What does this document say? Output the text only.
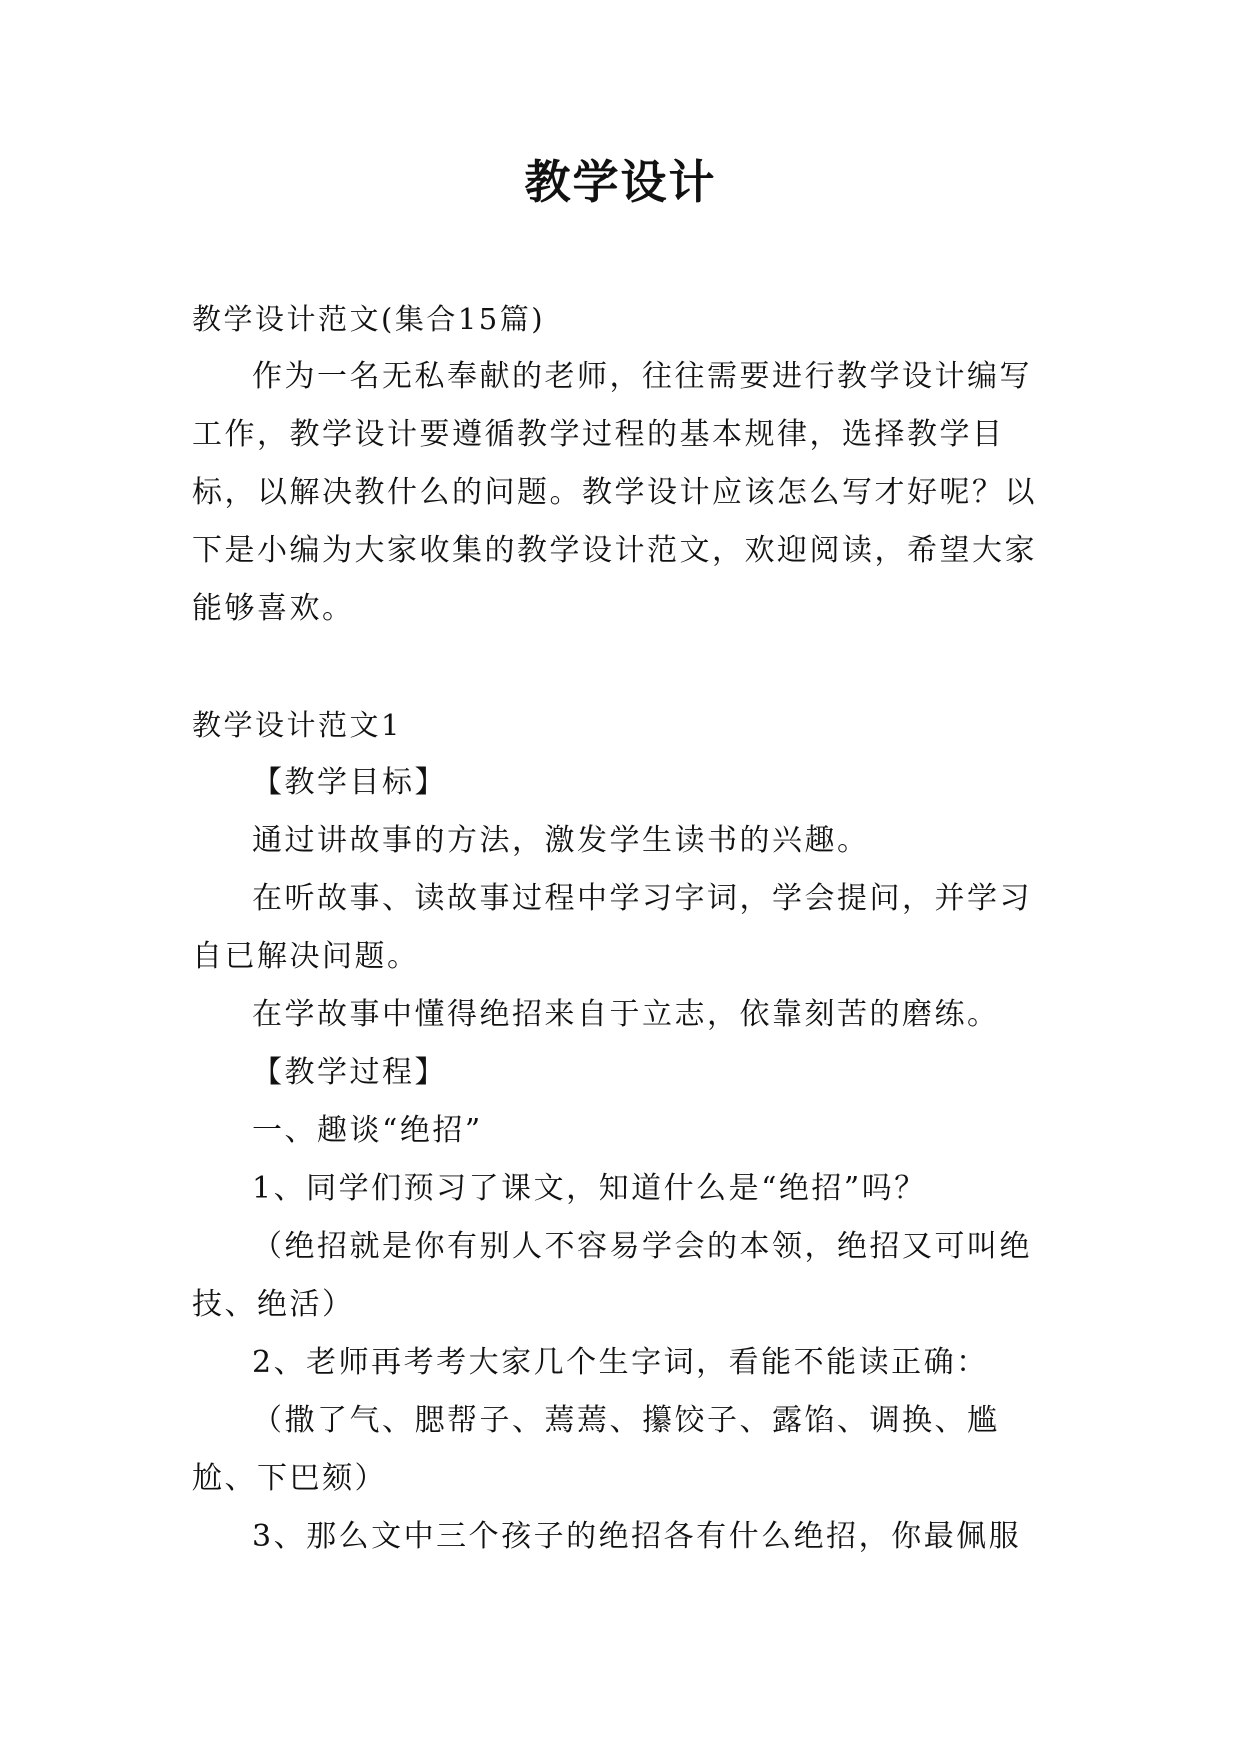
教学设计

教学设计范文(集合15篇)

作为一名无私奉献的老师，往往需要进行教学设计编写工作，教学设计要遵循教学过程的基本规律，选择教学目标，以解决教什么的问题。教学设计应该怎么写才好呢？以下是小编为大家收集的教学设计范文，欢迎阅读，希望大家能够喜欢。

教学设计范文1

【教学目标】

通过讲故事的方法，激发学生读书的兴趣。

在听故事、读故事过程中学习字词，学会提问，并学习自已解决问题。

在学故事中懂得绝招来自于立志，依靠刻苦的磨练。

【教学过程】

一、趣谈“绝招”

1、同学们预习了课文，知道什么是“绝招”吗？

（绝招就是你有别人不容易学会的本领，绝招又可叫绝技、绝活）

2、老师再考考大家几个生字词，看能不能读正确：

（撒了气、腮帮子、蔫蔫、攥饺子、露馅、调换、尴尬、下巴颏）

3、那么文中三个孩子的绝招各有什么绝招，你最佩服
